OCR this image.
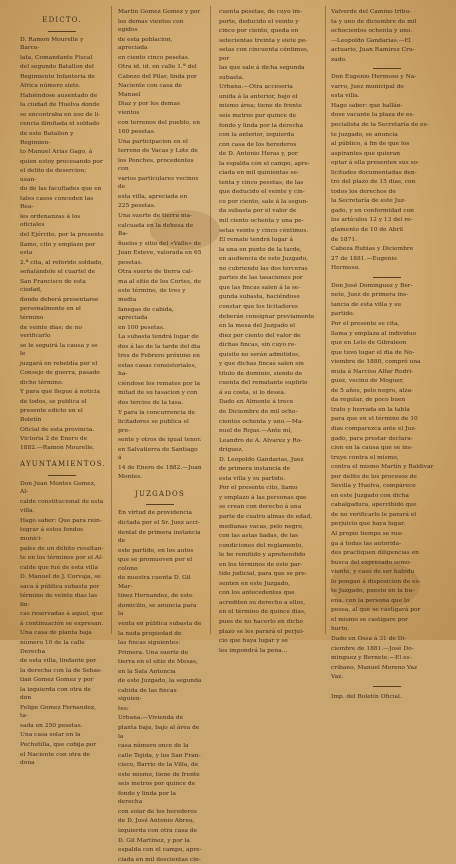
EDICTO.

D. Ramon Mourelle y Barce-

lata, Comandante Fiscal

del segundo Batallon del

Regimiento Infanteria de

Africa número siete.

Habiéndose ausentado de

la ciudad de Huelva donde

se encontraba en uso de li-

cencia ilimitada el soldado

de este Batallon y Regimien-

to Manuel Arias Gago, á

quien estoy procesando por

el delito de desercion; usan-

do de las facultades que en

tales casos conceden las Rea-

les ordenanzas á los oficiales

del Ejército, por la presente

llamo, cito y emplazo por esta

2.ª cita, al referido soldado,

señalándole el cuartel de

San Francisco de esta ciudad,

donde deberá presentarse

personalmente en el término

de veinte dias; de no verificarlo

se le seguirá la causa y se le

juzgará en rebeldía por el

Consejo de guerra, pasado

dicho término.

Y para que llegue á noticia

de todos, se publica el

presente edicto en el Boletín

Oficial de esta provincia.

Victoria 2 de Enero de 1882.—Ramon Mourelle.

AYUNTAMIENTOS.

Don Juan Montes Gomez, Al-

calde constitucional de esta

villa.

Hago saber: Que para rein-

tegrar á estos fondos munici-

pales de un débito resultan-

te en los términos por el Al-

calde que fué de esta villa

D. Manuel de J. Corvaja, se

saca á pública subasta por

término de veinte dias las fin-

cas reservadas á aquel, que

á continuación se expresan.

Una casa de planta baja

número 10 de la calle Derecha

de esta villa, lindante por

la derecha con la de Sebas-

tian Gomez Gomez y por

la izquierda con otra de don

Felipe Gomez Fernandez, ta-

sada en 250 pesetas.

Una casa solar en la

Pechutilla, que cobija por

el Naciente con otra de dona

Martin Gomez Gomez y por

los demas vientos con egidos

de esta poblacion, apreciada

en ciento cinco pesetas.

Otra id. id. en calle 1.ª del

Cabezo del Pilar, linda por

Naciente con casa de Manuel

Diaz y por los demas vientos

con terrenos del pueblo, en

160 pesetas.

Una participacion en el

terreno de Vacas y Lote de

los Ponches, procedentes con

varios particulares vecinos de

esta villa, apreciada en

225 pesetas.

Una suerte de tierra ma-

calcuada en la dehesa de Ba-

ñuelos y sitio del «Valle» de

Juan Esteve, valorada en 65

pesetas.

Otra suerte de tierra cal-

ma al sitio de los Cortes, de

este término, de tres y media

fanegas de cabida, apreciada

en 100 pesetas.

La subasta tendrá lugar de

dos á las de la tarde del dia

tres de Febrero próximo en

estas casas consistoriales, ha-

ciéndose los remates por la

mitad de su tasacion y con

dos tercios de la tasa.

Y para la concurrencia de

licitadores se publica el pre-

sente y otros de igual tenor.

en Salvatierra de Santiago á

14 de Enero de 1882.—Juan

Montes.

JUZGADOS

En virtud de providencia

dictada por el Sr. Juez acci-

dental de primera instancia de

este partido, en los autos

que se promueven por el colono

de nuestra cuenta D. Gil Mar-

tinez Hernandez, de este

domicilio, se anuncia para la

venta en pública subasta de

la nuda propiedad de

las fincas siguientes:

Primera. Una suerte de

tierra en el sitio de Mesas,

en la Sala Antoncia

de este Juzgado, la segunda

cabida de las fincas siguien-

tes:

Urbana.—Vivienda de

planta baja, bajo al área de la

casa número once de la

calle Tejida, y los San Fran-

cisco, Barrio de la Villa, de

este mismo, tiene de frente

seis metros por quince de

fondo y linda por la derecha

con solar de los herederos

de D. José Antonio Abreu,

izquierda con otra casa de

D. Gil Martinez, y por la

espalda con el campo, apre-

ciada en mil doscientas cin-

cuenta pesetas, de cuyo im-

porte, deducido el veinte y

cinco por ciento, queda en

setecientas treinta y siete pe-

setas con cincuenta céntimos, por

las que sale á dicha segunda

subasta.

Urbana.—Otra accesoria

unida á la anterior, bajo el

mismo área; tiene de frente

seis metros por quince de

fondo y linda por la derecha

con la anterior, izquierda

con casa de los herederos

de D. Antonio Heras y, por

la espalda con el campo, apre-

ciada en mil quinientas se-

tenta y cinco pesetas, de las

que deducido el veinte y cin-

co por ciento, sale á la segun-

da subasta por el valor de

mil ciento ochenta y una pe-

setas veinte y cinco céntimos.

El remate tendrá lugar á

la una en punto de la tarde,

en audiencia de este Juzgado,

no cubriendo las dos terceras

partes de las tasaciones por

que las fincas salen á la se-

gunda subasta, haciéndose

constar que los licitadores

deberán consignar previamente

en la mesa del Juzgado el

diez por ciento del valor de

dichas fincas, sin cuyo re-

quisito no serán admitidos,

y que dichas fincas salen sin

titulo de dominio, siendo de

cuenta del rematante suplirlo

á su costa, si lo desea.

Dado en Almonte á trece

de Diciembre de mil ocho-

cientos ochenta y uno.—Ma-

nuel de Rojas.—Ante mí,

Leandro de A. Alvarez y Ro-

driguez.

D. Leopoldo Gandarias, Juez

de primera instancia de

esta villa y su partido.

Por el presente cito, llamo

y emplazo á las personas que

se crean con derecho á una

parte de cuatro almas de edad,

medianas vacas, pelo negro,

con las astas liadas, de las

condiciones del reglamento,

le he remitido y aprehendido

en los términos de este par-

tido judicial, para que se pre-

senten en este Juzgado,

con los antecedentes que

acrediten su derecho a ellos,

en el término de quince dias,

pues de no hacerlo en dicho

plazo se les parará el perjui-

cio que haya lugar y se

les impondrá la pena...

Valverde del Camino tribu-

ta y uno de diciembre de mil

ochocientos ochenta y uno.

—Leopoldo Gandarias.—El

actuario, Juan Ramirez Cru-

zado.

Don Eugenio Hermoso y Na-

varro, Juez municipal de

esta villa.

Hago saber: que hallán-

dose vacante la plaza de es-

pecialista de la Secretaría de es-

te juzgado, se anuncia

al público, á fin de que los

aspirantes que quieran

optar á ella presenten sus so-

licitudes documentadas den-

tro del plazo de 15 dias, con

todos los derechos de

la Secretaría de este Juz-

gado, y en conformidad con

los artículos 12 y 13 del re-

glamento de 10 de Abril

de 1871.

Cabeza Rubias y Diciembre

27 de 1881.—Eugenio

Hermoso.

Don José Dominguez y Ber-

nete, Juez de primera ins-

tancia de esta villa y su

partido.

Por el presente se cita,

llama y emplaza al individuo

que en Lelo de Gibraleon

que tuvo lugar el dia de No-

viembre de 1880, compró una

mula á Narciso Alfar Rodri-

guez, vecino de Moguer,

de 5 años, pelo negro, alza-

da regular, de poco buen

trato y herrada en la tabla

para que en el término de 10

dias comparezca ante el Juz-

gado, para prestar declara-

cion en la causa que se ins-

truye contra el mismo,

contra el mismo Martín y Baldivar

por delito de los procesos de

Sevilla y Huelva, compárece

en este Juzgado con dicha

cabalgadura, apercibido que

de no verificarlo le parará el

perjuicio que haya lugar.

Al propio tiempo se rue-

ga á todas las autorida-

des practiquen diligencias en

busca del expresado semo-

viente, y caso de ser habido

lo pongan á disposicion de es-

te Juzgado, puesto en la bu-

ena, con la persona que lo

posea, al que se castigará por

el mismo se castigare por

hurto.

Dado en Ossa á 31 de Di-

ciembre de 1881.—José Do-

minguez y Bernete.—El es-

cribano, Manuel Moreno Vaz

Vaz.

Imp. del Boletín Oficial.
